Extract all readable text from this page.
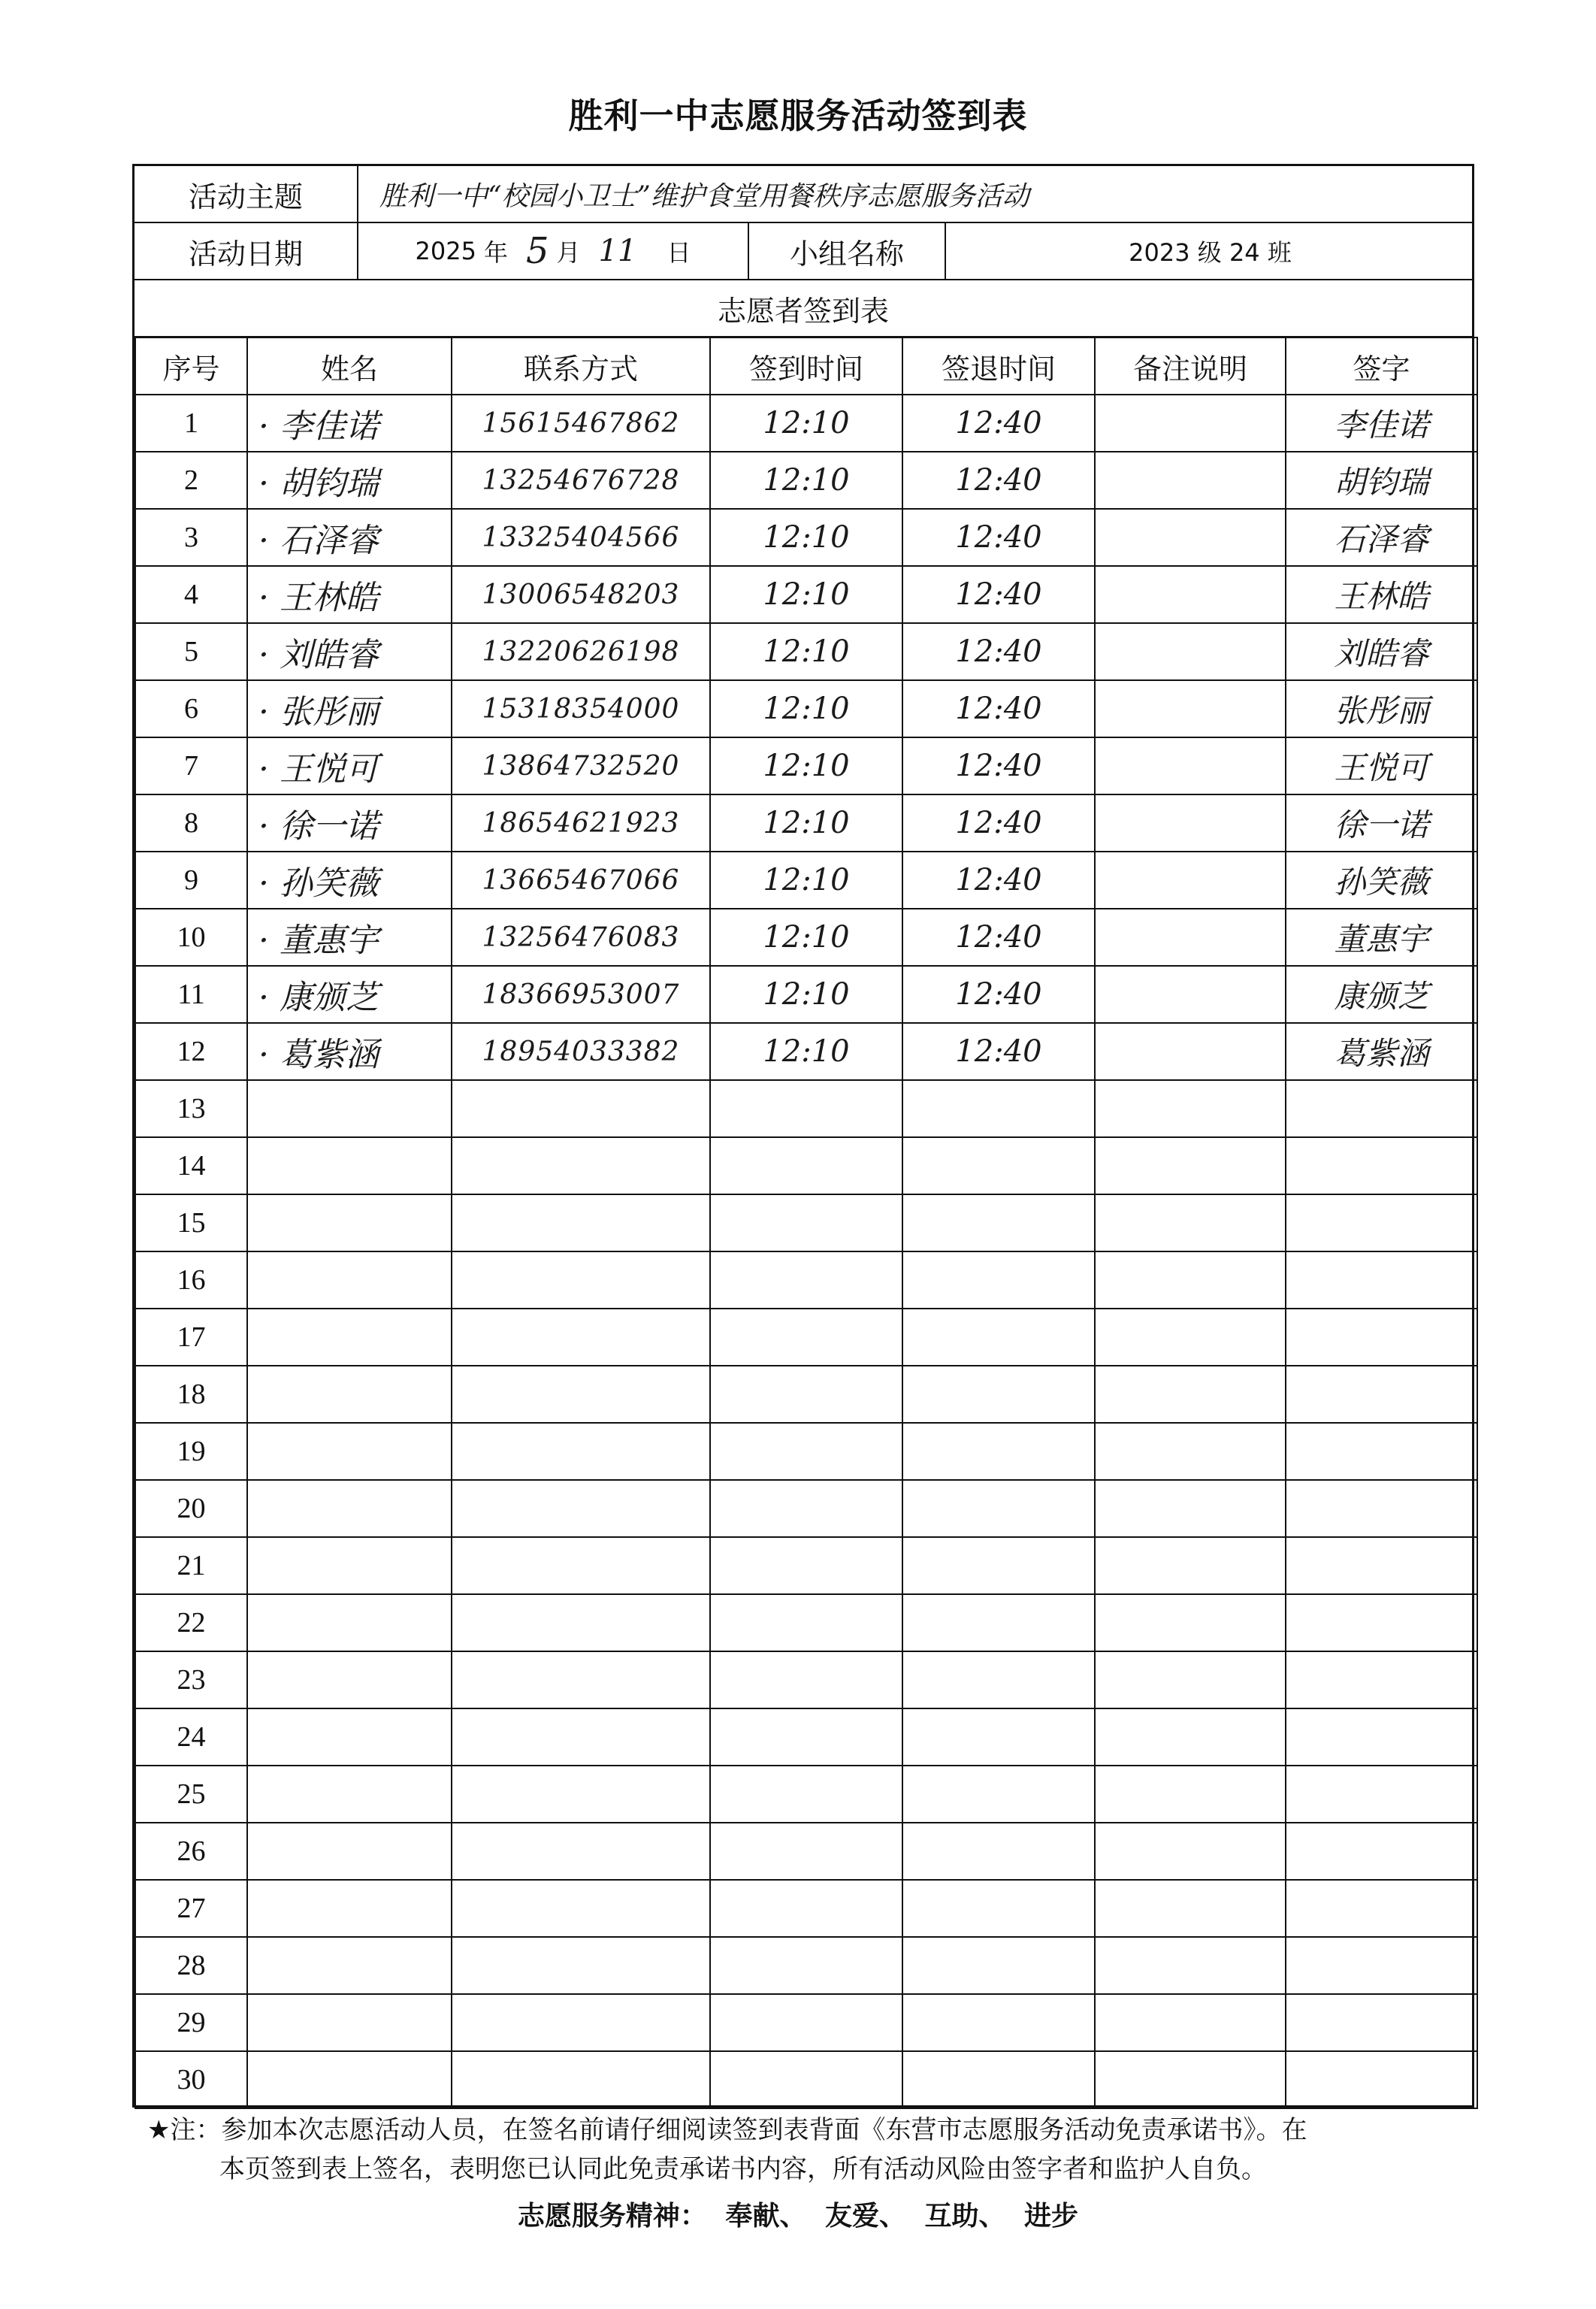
胜利一中志愿服务活动签到表
活动主题	胜利一中“校园小卫士”维护食堂用餐秩序志愿服务活动
活动日期	2025 年 5 月 11 日	小组名称	2023 级 24 班
志愿者签到表
序号	姓名	联系方式	签到时间	签退时间	备注说明	签字
1	· 李佳诺	15615467862	12:10	12:40		李佳诺
2	· 胡钧瑞	13254676728	12:10	12:40		胡钧瑞
3	· 石泽睿	13325404566	12:10	12:40		石泽睿
4	· 王林皓	13006548203	12:10	12:40		王林皓
5	· 刘皓睿	13220626198	12:10	12:40		刘皓睿
6	· 张彤丽	15318354000	12:10	12:40		张彤丽
7	· 王悦可	13864732520	12:10	12:40		王悦可
8	· 徐一诺	18654621923	12:10	12:40		徐一诺
9	· 孙笑薇	13665467066	12:10	12:40		孙笑薇
10	· 董惠宇	13256476083	12:10	12:40		董惠宇
11	· 康颁芝	18366953007	12:10	12:40		康颁芝
12	· 葛紫涵	18954033382	12:10	12:40		葛紫涵
13						
14						
15						
16						
17						
18						
19						
20						
21						
22						
23						
24						
25						
26						
27						
28						
29						
30						
★注：参加本次志愿活动人员，在签名前请仔细阅读签到表背面《东营市志愿服务活动免责承诺书》。在
本页签到表上签名，表明您已认同此免责承诺书内容，所有活动风险由签字者和监护人自负。
志愿服务精神： 奉献、 友爱、 互助、 进步
